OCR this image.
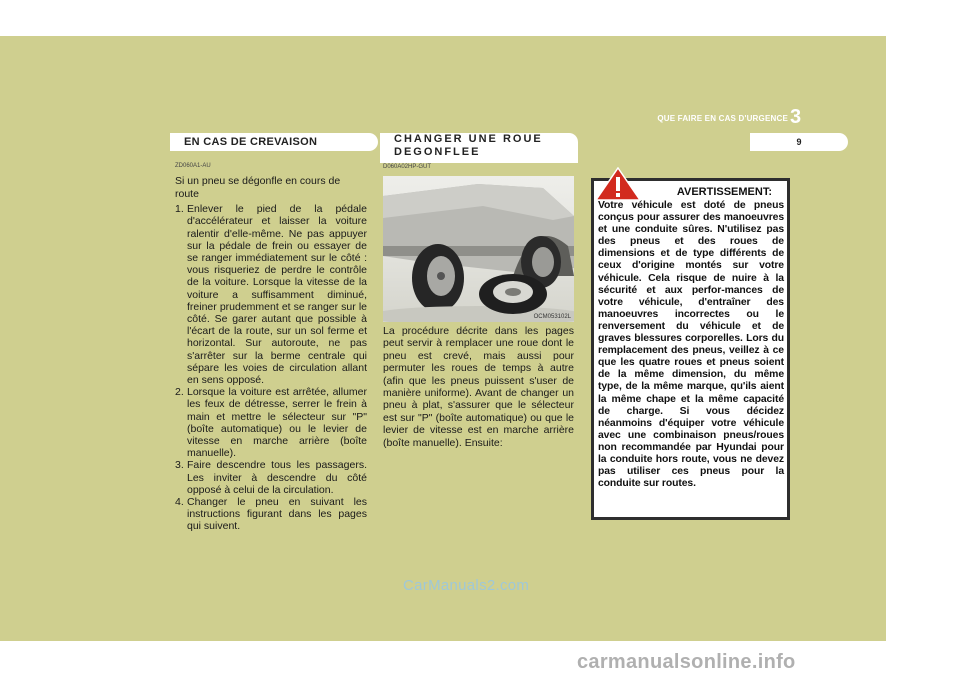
QUE FAIRE EN CAS D'URGENCE 3
9
EN CAS DE CREVAISON	CHANGER UNE ROUE
DEGONFLEE
ZD060A1-AU
Si un pneu se dégonfle en cours de route
1. Enlever le pied de la pédale d'accélérateur et laisser la voiture ralentir d'elle-même. Ne pas appuyer sur la pédale de frein ou essayer de se ranger immédiatement sur le côté : vous risqueriez de perdre le contrôle de la voiture. Lorsque la vitesse de la voiture a suffisamment diminué, freiner prudemment et se ranger sur le côté. Se garer autant que possible à l'écart de la route, sur un sol ferme et horizontal. Sur autoroute, ne pas s'arrêter sur la berme centrale qui sépare les voies de circulation allant en sens opposé.
2. Lorsque la voiture est arrêtée, allumer les feux de détresse, serrer le frein à main et mettre le sélecteur sur "P" (boîte automatique) ou le levier de vitesse en marche arrière (boîte manuelle).
3. Faire descendre tous les passagers. Les inviter à descendre du côté opposé à celui de la circulation.
4. Changer le pneu en suivant les instructions figurant dans les pages qui suivent.
D060A02HP-GUT
OCM053102L
La procédure décrite dans les pages peut servir à remplacer une roue dont le pneu est crevé, mais aussi pour permuter les roues de temps à autre (afin que les pneus puissent s'user de manière uniforme). Avant de changer un pneu à plat, s'assurer que le sélecteur est sur "P" (boîte automatique) ou que le levier de vitesse est en marche arrière (boîte manuelle). Ensuite:
AVERTISSEMENT:
Votre véhicule est doté de pneus conçus pour assurer des manoeuvres et une conduite sûres. N'utilisez pas des pneus et des roues de dimensions et de type différents de ceux d'origine montés sur votre véhicule. Cela risque de nuire à la sécurité et aux perfor-mances de votre véhicule, d'entraîner des manoeuvres incorrectes ou le renversement du véhicule et de graves blessures corporelles. Lors du remplacement des pneus, veillez à ce que les quatre roues et pneus soient de la même dimension, du même type, de la même marque, qu'ils aient la même chape et la même capacité de charge. Si vous décidez néanmoins d'équiper votre véhicule avec une combinaison pneus/roues non recommandée par Hyundai pour la conduite hors route, vous ne devez pas utiliser ces pneus pour la conduite sur routes.
CarManuals2.com
carmanualsonline.info
